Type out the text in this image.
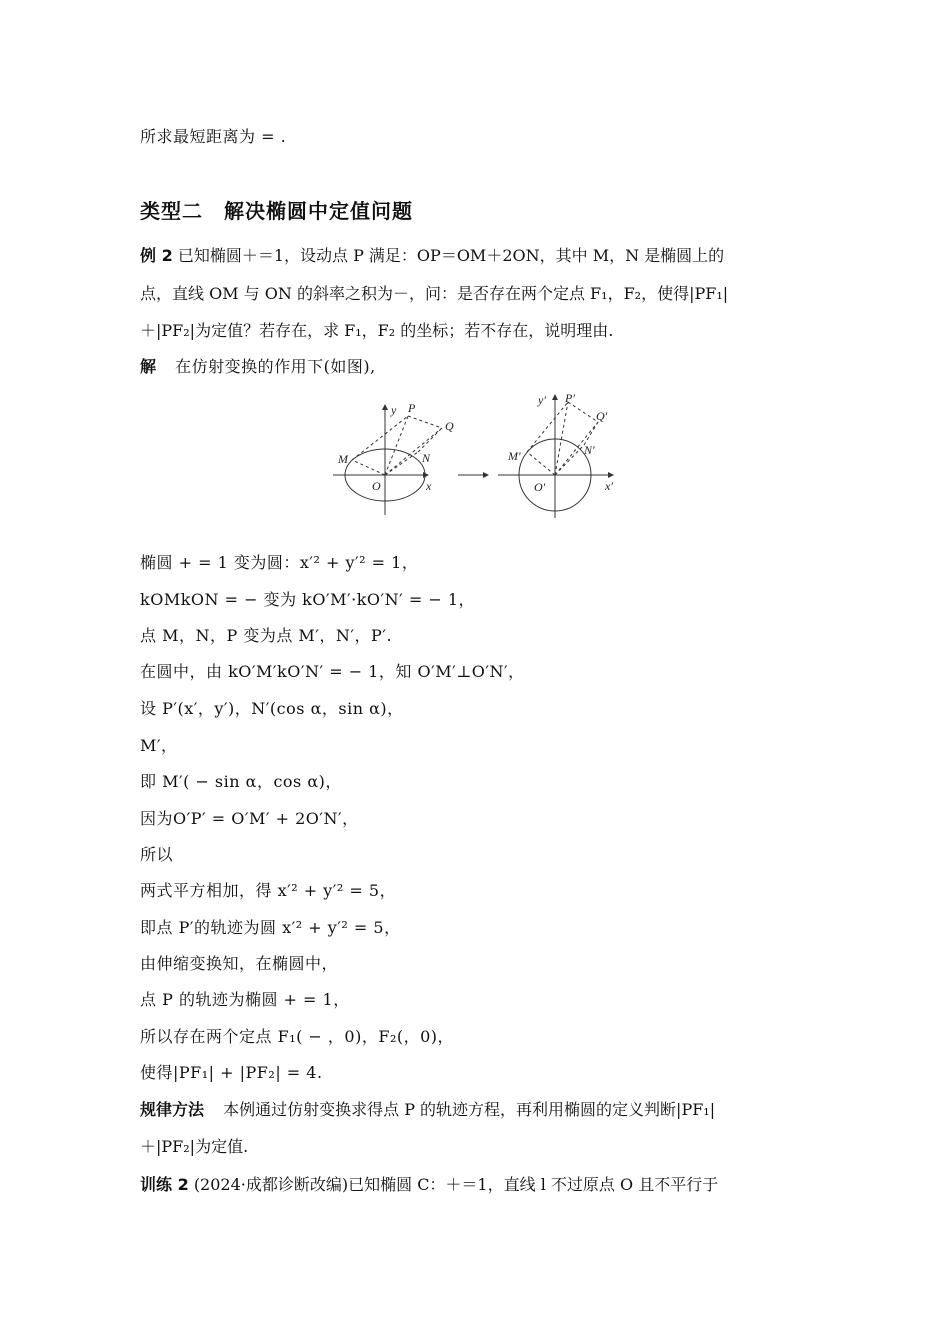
所求最短距离为 = .
类型二　解决椭圆中定值问题
例 2 已知椭圆＋＝1，设动点 P 满足：OP＝OM＋2ON，其中 M，N 是椭圆上的
点，直线 OM 与 ON 的斜率之积为－，问：是否存在两个定点 F₁，F₂，使得|PF₁|
＋|PF₂|为定值？若存在，求 F₁，F₂ 的坐标；若不存在，说明理由.
解 在仿射变换的作用下(如图),
x
y
O
M	N
P
Q
x′
y′
O′
M′	N′
P′
Q′
椭圆 + = 1 变为圆：x′² + y′² = 1，
kOMkON = − 变为 kO′M′·kO′N′ = − 1，
点 M，N，P 变为点 M′，N′，P′.
在圆中，由 kO′M′kO′N′ = − 1，知 O′M′⊥O′N′，
设 P′(x′，y′)，N′(cos α，sin α)，
M′，
即 M′( − sin α，cos α)，
因为O′P′ = O′M′ + 2O′N′，
所以
两式平方相加，得 x′² + y′² = 5，
即点 P′的轨迹为圆 x′² + y′² = 5，
由伸缩变换知，在椭圆中，
点 P 的轨迹为椭圆 + = 1，
所以存在两个定点 F₁( − ，0)，F₂(，0)，
使得|PF₁| + |PF₂| = 4.
规律方法 本例通过仿射变换求得点 P 的轨迹方程，再利用椭圆的定义判断|PF₁|
＋|PF₂|为定值.
训练 2 (2024·成都诊断改编)已知椭圆 C：＋＝1，直线 l 不过原点 O 且不平行于
